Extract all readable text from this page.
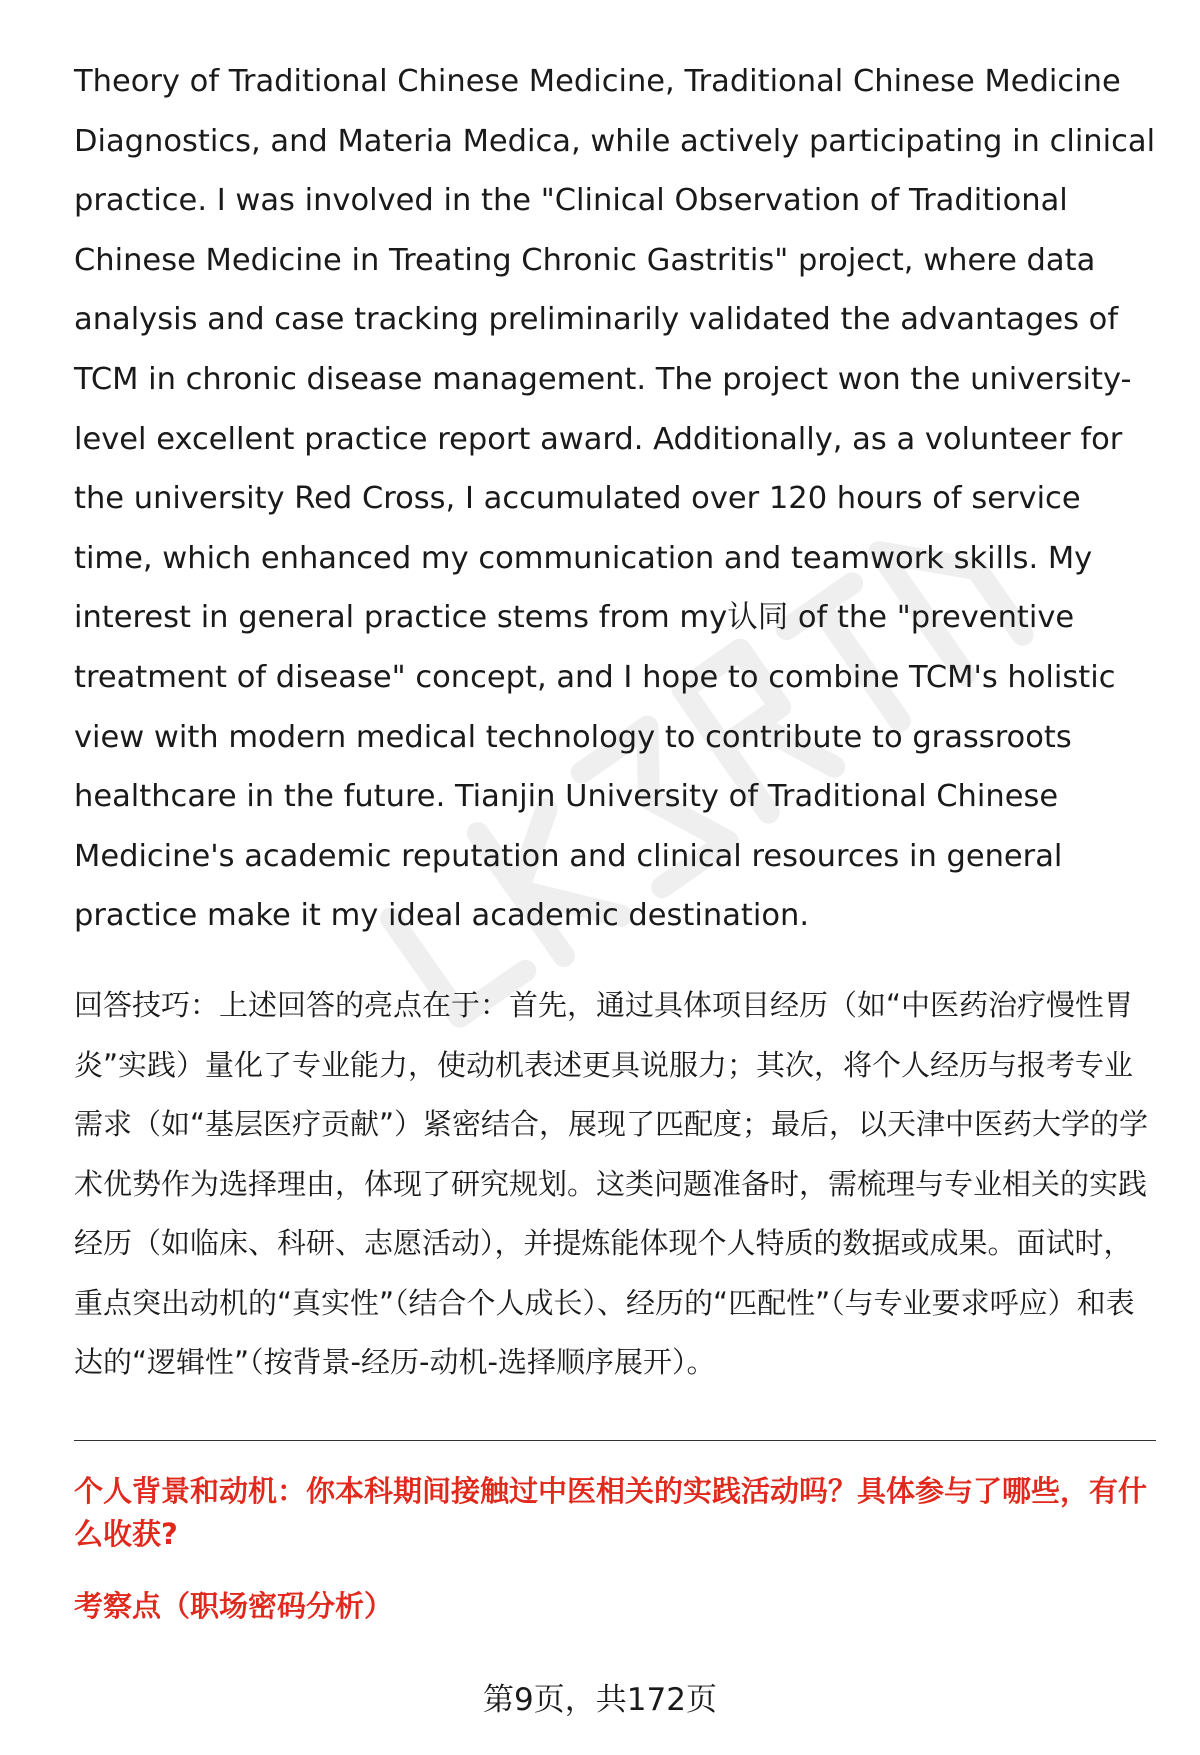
Theory of Traditional Chinese Medicine, Traditional Chinese Medicine Diagnostics, and Materia Medica, while actively participating in clinical practice. I was involved in the "Clinical Observation of Traditional Chinese Medicine in Treating Chronic Gastritis" project, where data analysis and case tracking preliminarily validated the advantages of TCM in chronic disease management. The project won the university-level excellent practice report award. Additionally, as a volunteer for the university Red Cross, I accumulated over 120 hours of service time, which enhanced my communication and teamwork skills. My interest in general practice stems from my认同 of the "preventive treatment of disease" concept, and I hope to combine TCM's holistic view with modern medical technology to contribute to grassroots healthcare in the future. Tianjin University of Traditional Chinese Medicine's academic reputation and clinical resources in general practice make it my ideal academic destination.

回答技巧：上述回答的亮点在于：首先，通过具体项目经历（如“中医药治疗慢性胃炎”实践）量化了专业能力，使动机表述更具说服力；其次，将个人经历与报考专业需求（如“基层医疗贡献”）紧密结合，展现了匹配度；最后，以天津中医药大学的学术优势作为选择理由，体现了研究规划。这类问题准备时，需梳理与专业相关的实践经历（如临床、科研、志愿活动），并提炼能体现个人特质的数据或成果。面试时，重点突出动机的“真实性”（结合个人成长）、经历的“匹配性”（与专业要求呼应）和表达的“逻辑性”（按背景-经历-动机-选择顺序展开）。

个人背景和动机：你本科期间接触过中医相关的实践活动吗？具体参与了哪些，有什么收获?

考察点（职场密码分析）

第9页，共172页
